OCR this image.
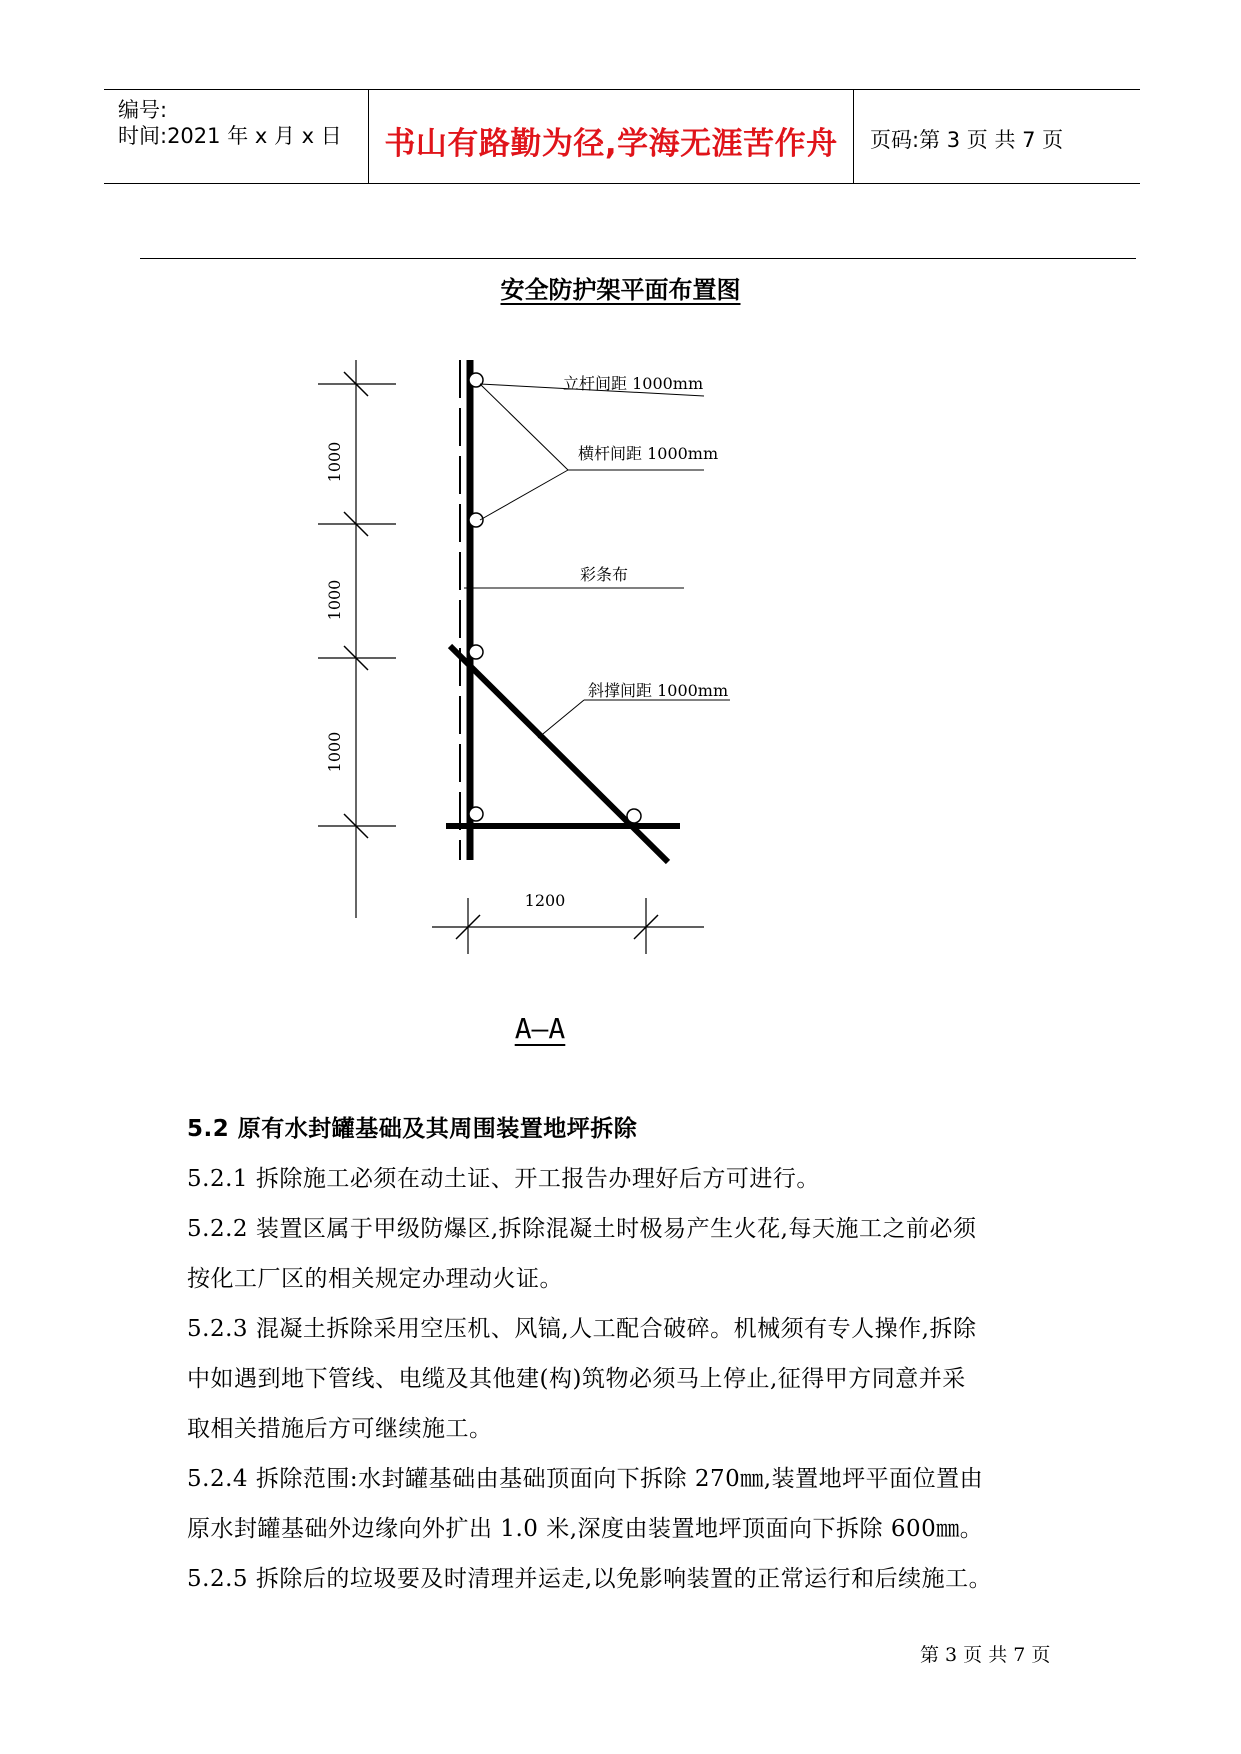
编号:
时间:2021 年 x 月 x 日	书山有路勤为径,学海无涯苦作舟	页码:第 3 页 共 7 页
安全防护架平面布置图
1000
1000
1000
立杆间距 1000mm
横杆间距 1000mm
彩条布
斜撑间距 1000mm
1200
A—A

5.2 原有水封罐基础及其周围装置地坪拆除

5.2.1 拆除施工必须在动土证、开工报告办理好后方可进行。

5.2.2 装置区属于甲级防爆区,拆除混凝土时极易产生火花,每天施工之前必须

按化工厂区的相关规定办理动火证。

5.2.3 混凝土拆除采用空压机、风镐,人工配合破碎。机械须有专人操作,拆除

中如遇到地下管线、电缆及其他建(构)筑物必须马上停止,征得甲方同意并采

取相关措施后方可继续施工。

5.2.4 拆除范围:水封罐基础由基础顶面向下拆除 270㎜,装置地坪平面位置由

原水封罐基础外边缘向外扩出 1.0 米,深度由装置地坪顶面向下拆除 600㎜。

5.2.5 拆除后的垃圾要及时清理并运走,以免影响装置的正常运行和后续施工。

第 3 页 共 7 页
